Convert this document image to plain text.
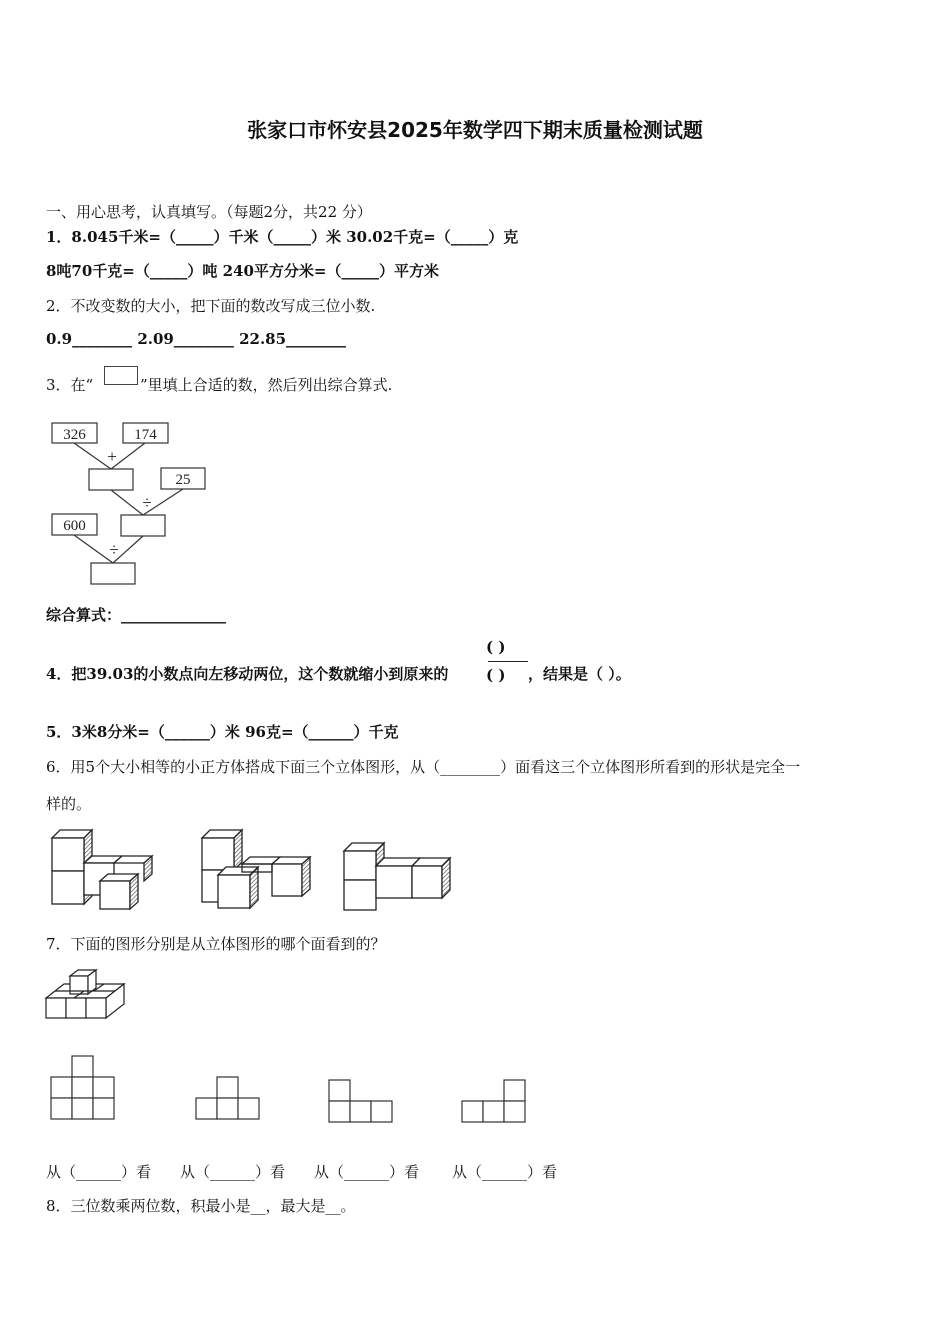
张家口市怀安县2025年数学四下期末质量检测试题
一、用心思考，认真填写。（每题2分，共22 分）
1．8.045千米=（_____）千米（_____）米 30.02千克=（_____）克
8吨70千克=（_____）吨 240平方分米=（_____）平方米
2．不改变数的大小，把下面的数改写成三位小数.
0.9________ 2.09________ 22.85________
3．在“	”里填上合适的数，然后列出综合算式.
326	174
25
600
+
÷
÷
综合算式：______________
4．把39.03的小数点向左移动两位，这个数就缩小到原来的
( )
( ) ，结果是（ ）。
5．3米8分米=（______）米 96克=（______）千克
6．用5个大小相等的小正方体搭成下面三个立体图形，从（________）面看这三个立体图形所看到的形状是完全一
样的。
7．下面的图形分别是从立体图形的哪个面看到的？
从（______）看 从（______）看 从（______）看 从（______）看
8．三位数乘两位数，积最小是__，最大是__。
